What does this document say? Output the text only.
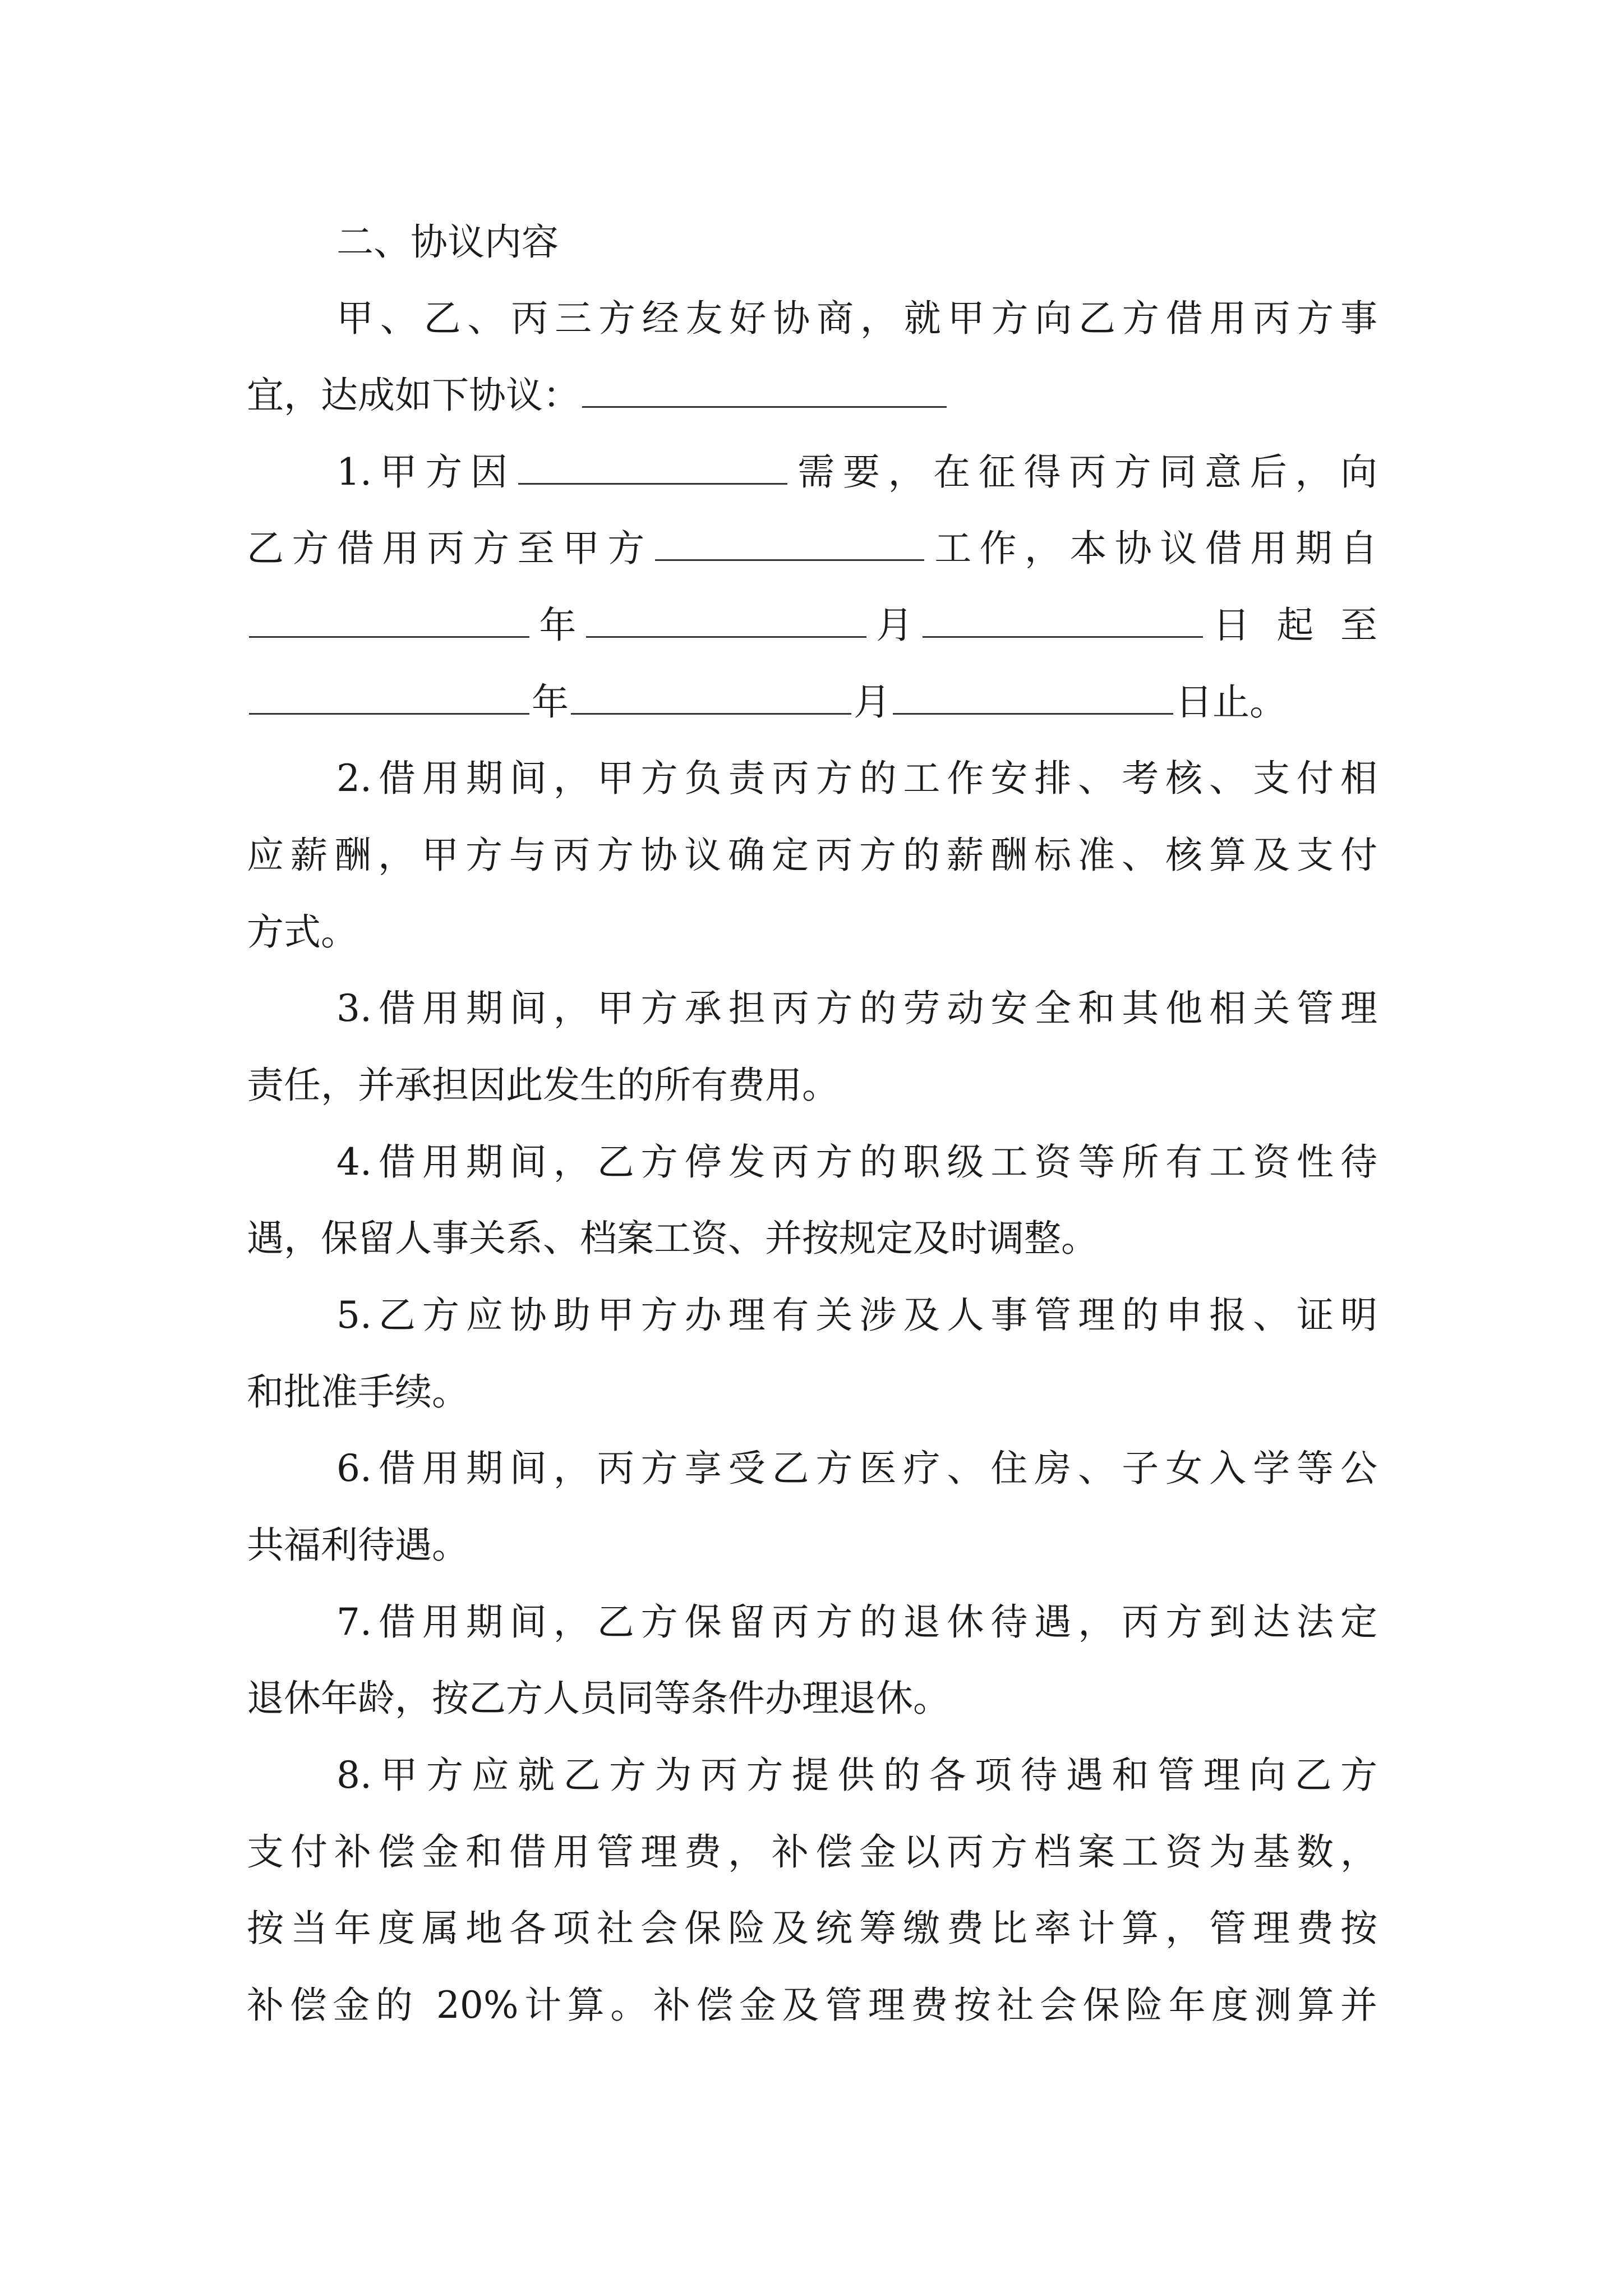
二、协议内容
甲、乙、丙三方经友好协商，就甲方向乙方借用丙方事
宜，达成如下协议：
1.甲方因	需要，在征得丙方同意后，向
乙方借用丙方至甲方	工作，本协议借用期自
年	月	日 起 至
年	月	日止。
2.借用期间，甲方负责丙方的工作安排、考核、支付相
应薪酬，甲方与丙方协议确定丙方的薪酬标准、核算及支付
方式。
3.借用期间，甲方承担丙方的劳动安全和其他相关管理
责任，并承担因此发生的所有费用。
4.借用期间，乙方停发丙方的职级工资等所有工资性待
遇，保留人事关系、档案工资、并按规定及时调整。
5.乙方应协助甲方办理有关涉及人事管理的申报、证明
和批准手续。
6.借用期间，丙方享受乙方医疗、住房、子女入学等公
共福利待遇。
7.借用期间，乙方保留丙方的退休待遇，丙方到达法定
退休年龄，按乙方人员同等条件办理退休。
8.甲方应就乙方为丙方提供的各项待遇和管理向乙方
支付补偿金和借用管理费，补偿金以丙方档案工资为基数，
按当年度属地各项社会保险及统筹缴费比率计算，管理费按
补偿金的 20%计算。补偿金及管理费按社会保险年度测算并
